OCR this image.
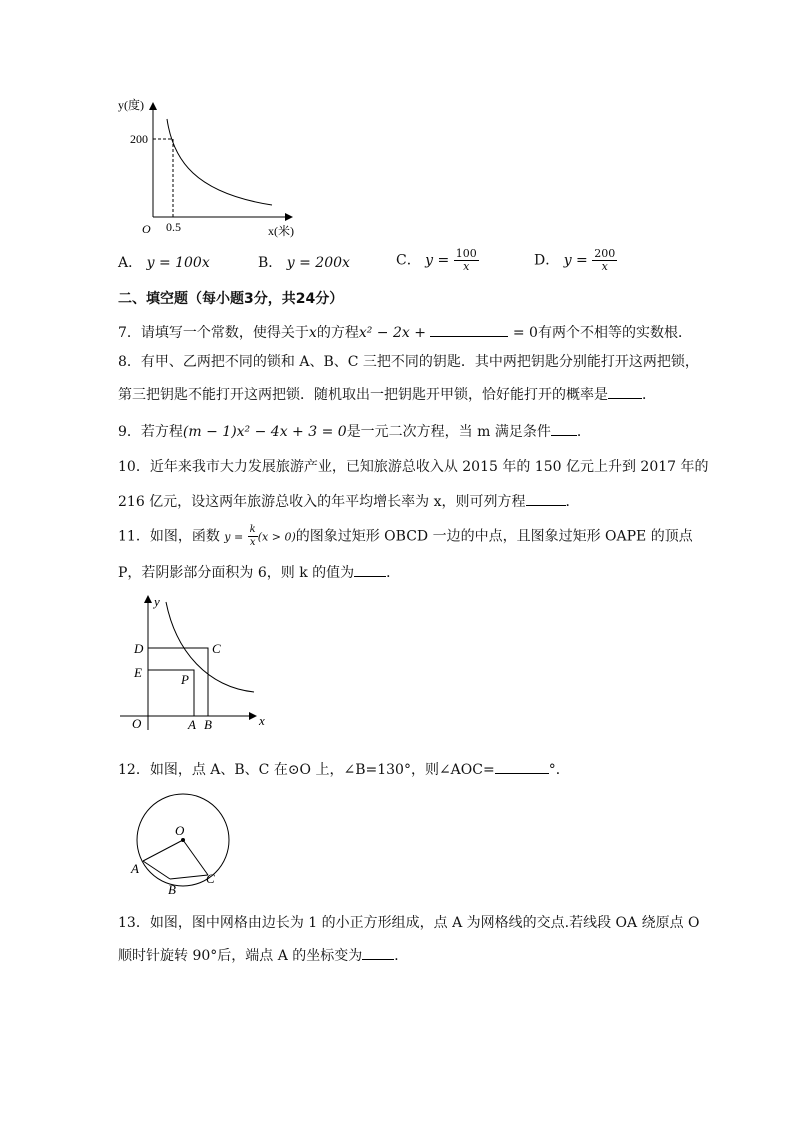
y(度)
200
O 0.5	x(米)
A． y = 100x	B． y = 200x	C． $y = \frac{100}{x}$	D． $y = \frac{200}{x}$
二、填空题（每小题3分，共24分）
7．请填写一个常数，使得关于x的方程x² − 2x +	= 0有两个不相等的实数根．
8．有甲、乙两把不同的锁和 A、B、C 三把不同的钥匙．其中两把钥匙分别能打开这两把锁，
第三把钥匙不能打开这两把锁．随机取出一把钥匙开甲锁，恰好能打开的概率是 ．
9．若方程(m − 1)x² − 4x + 3 = 0是一元二次方程，当 m 满足条件 ．
10．近年来我市大力发展旅游产业，已知旅游总收入从 2015 年的 150 亿元上升到 2017 年的
216 亿元，设这两年旅游总收入的年平均增长率为 x，则可列方程	．
11．如图，函数 $y = \frac{k}{x} (x > 0)$的图象过矩形 OBCD 一边的中点，且图象过矩形 OAPE 的顶点
P，若阴影部分面积为 6，则 k 的值为 ．
y
D	C
E	P
O	A B	x
12．如图，点 A、B、C 在⊙O 上，∠B=130°，则∠AOC=	°．
O
A
B
C
13．如图，图中网格由边长为 1 的小正方形组成，点 A 为网格线的交点.若线段 OA 绕原点 O
顺时针旋转 90°后，端点 A 的坐标变为 ．
